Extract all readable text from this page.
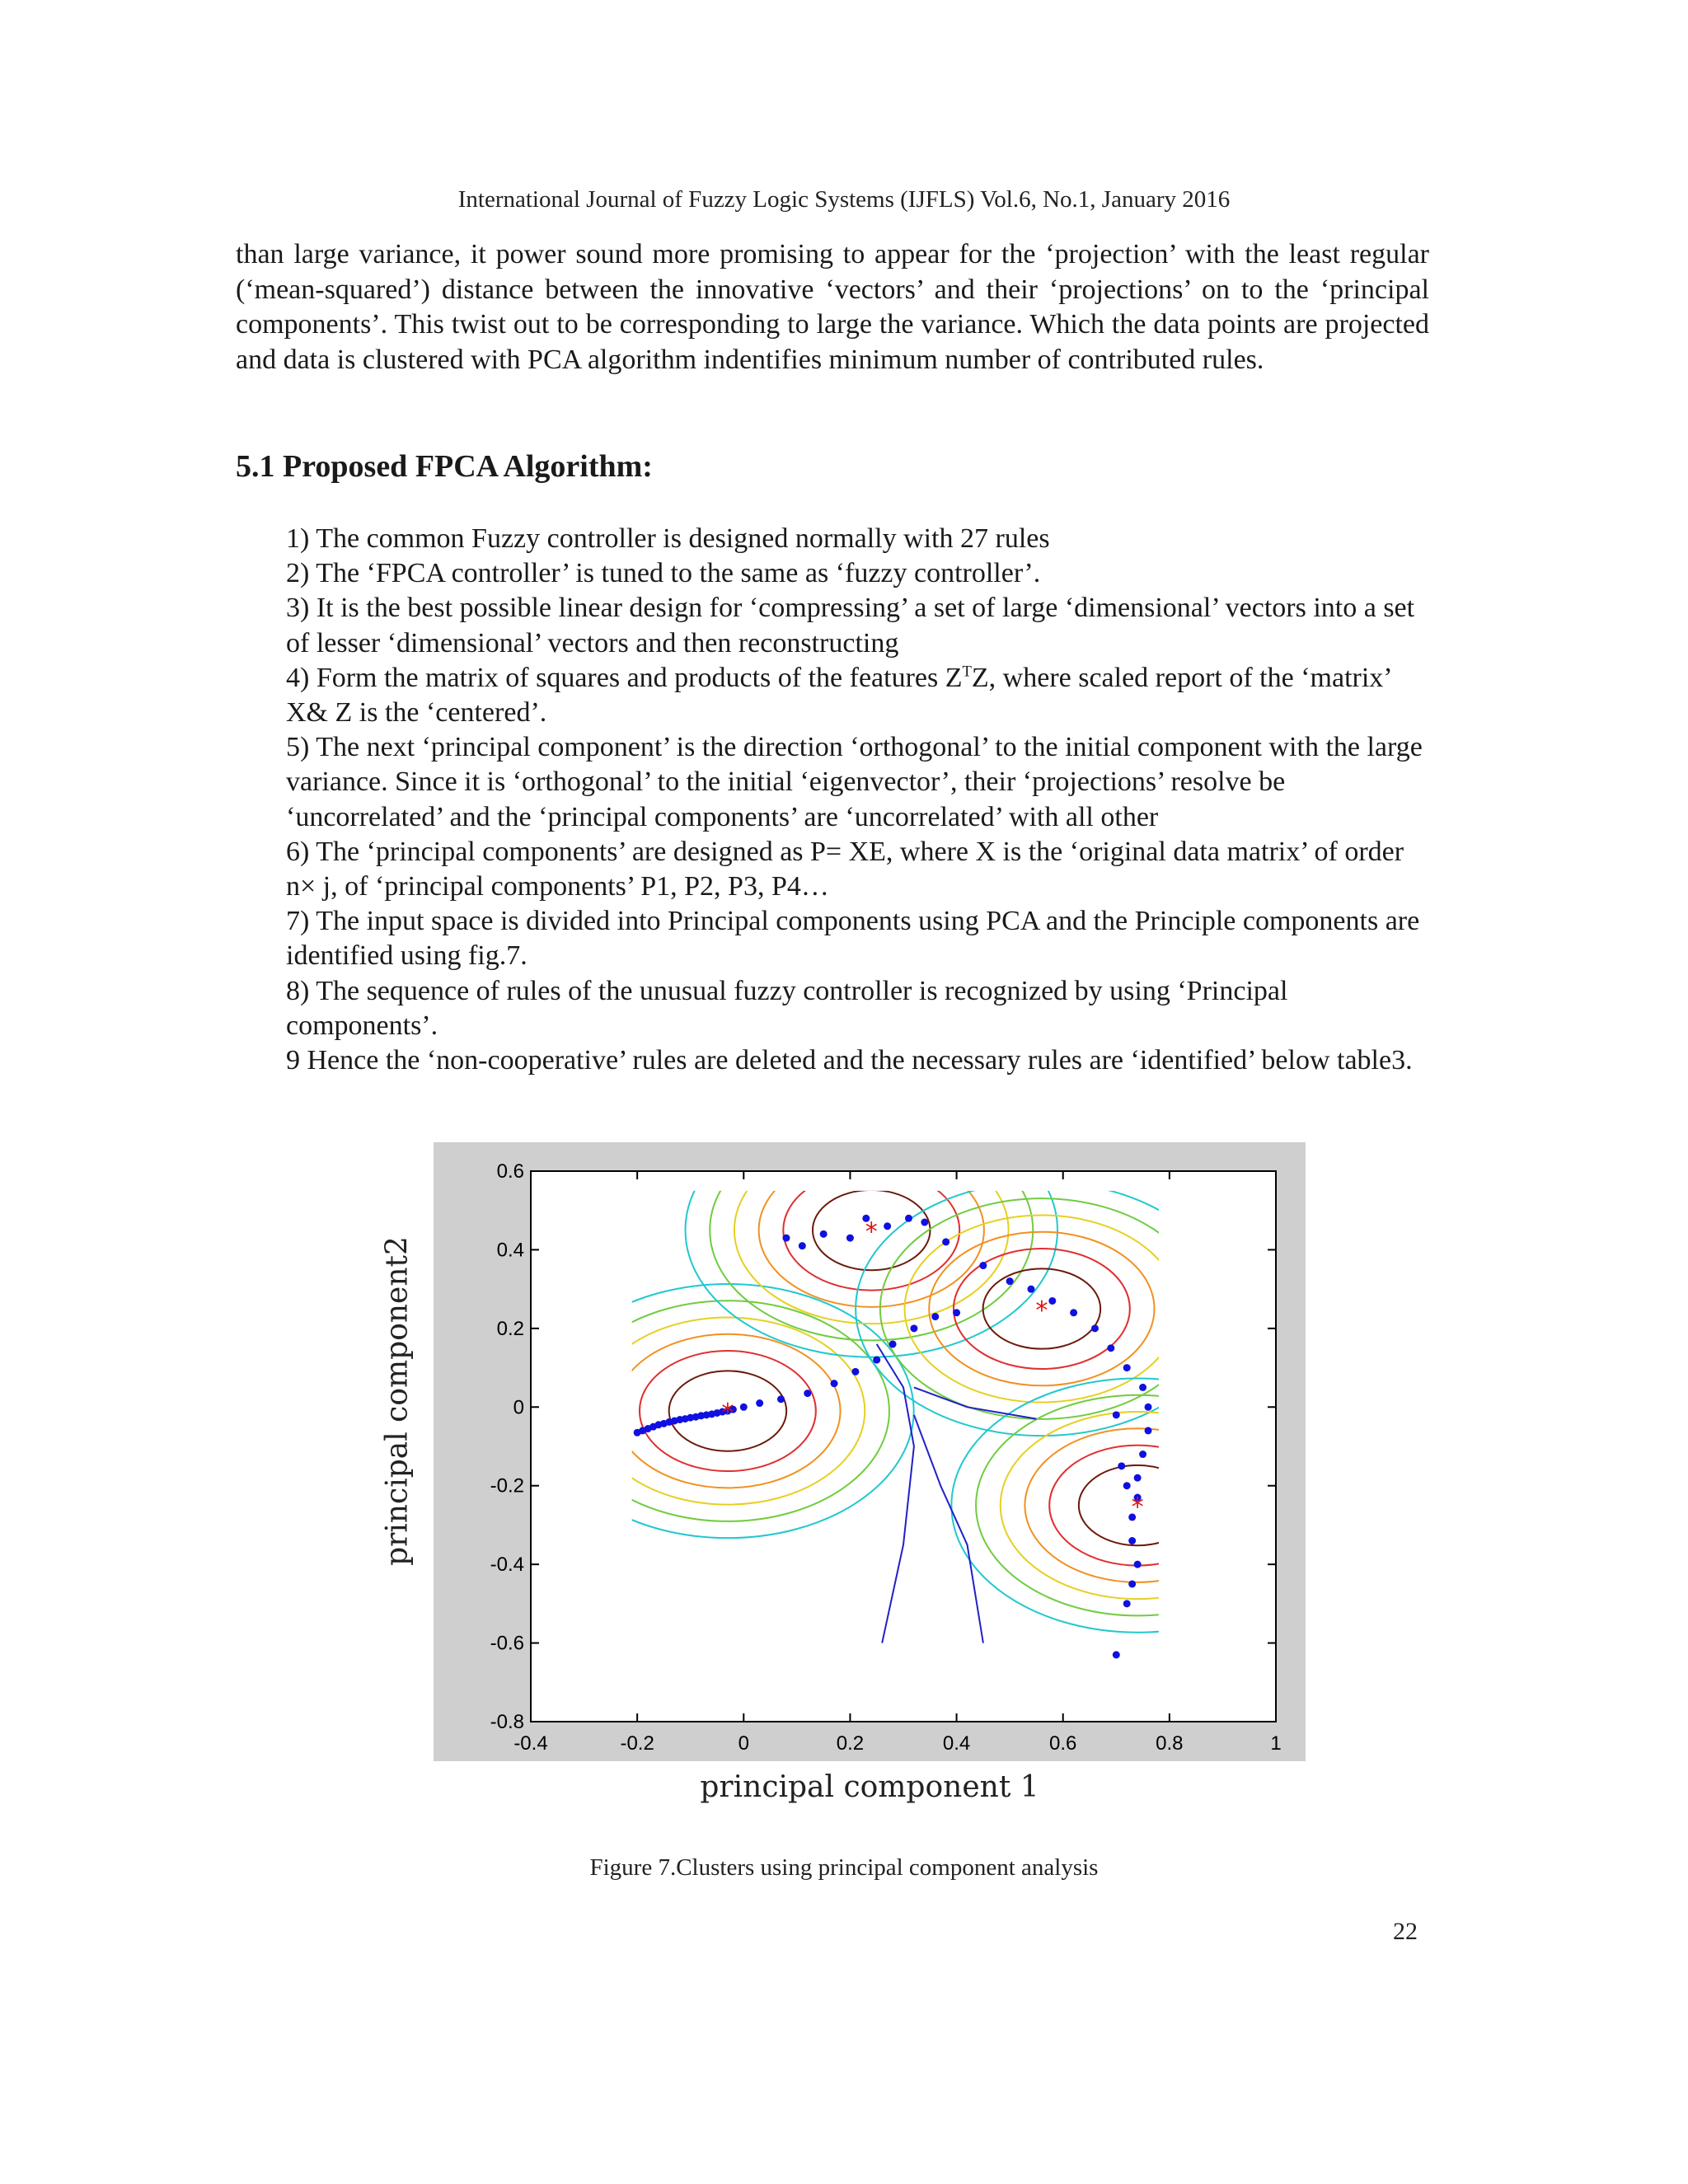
International Journal of Fuzzy Logic Systems (IJFLS) Vol.6, No.1, January 2016

than large variance, it power sound more promising to appear for the ‘projection’ with the least regular (‘mean-squared’) distance between the innovative ‘vectors’ and their ‘projections’ on to the ‘principal components’. This twist out to be corresponding to large the variance. Which the data points are projected and data is clustered with PCA algorithm indentifies minimum number of contributed rules.

5.1 Proposed FPCA Algorithm:
1) The common Fuzzy controller is designed normally with 27 rules
2) The ‘FPCA controller’ is tuned to the same as ‘fuzzy controller’.
3) It is the best possible linear design for ‘compressing’ a set of large ‘dimensional’ vectors into a set of lesser ‘dimensional’ vectors and then reconstructing
4) Form the matrix of squares and products of the features $Z^TZ$, where scaled report of the ‘matrix’ X& Z is the ‘centered’.
5) The next ‘principal component’ is the direction ‘orthogonal’ to the initial component with the large variance. Since it is ‘orthogonal’ to the initial ‘eigenvector’, their ‘projections’ resolve be ‘uncorrelated’ and the ‘principal components’ are ‘uncorrelated’ with all other
6) The ‘principal components’ are designed as P= XE, where X is the ‘original data matrix’ of order n× j, of ‘principal components’ P1, P2, P3, P4…
7) The input space is divided into Principal components using PCA and the Principle components are identified using fig.7.
8) The sequence of rules of the unusual fuzzy controller is recognized by using ‘Principal components’.
9 Hence the ‘non-cooperative’ rules are deleted and the necessary rules are ‘identified’ below table3.
*
*
*
*
-0.4	-0.2	0	0.2	0.4	0.6	0.8	1
0.6
0.4
0.2
0
-0.2
-0.4
-0.6
-0.8
principal component2
principal component 1
Figure 7.Clusters using principal component analysis
22
